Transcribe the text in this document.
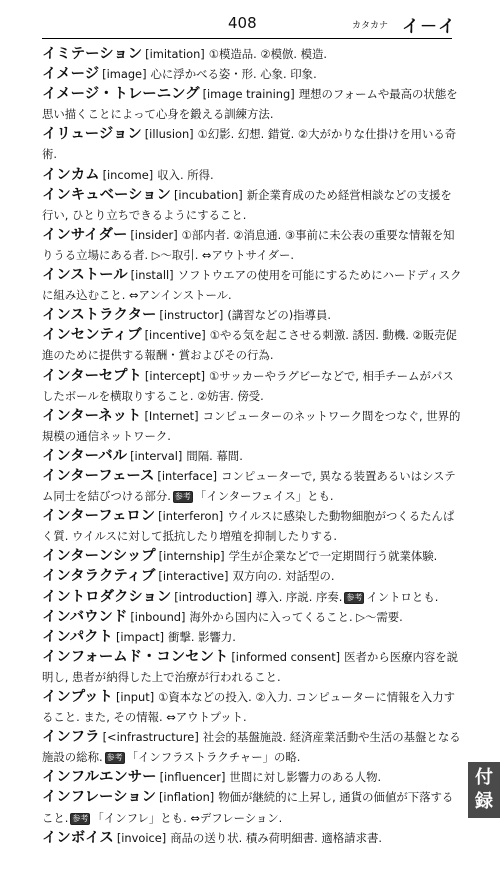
408	カタカナ イ－イ

イミテーション [imitation] ①模造品. ②模倣. 模造.

イメージ [image] 心に浮かべる姿・形. 心象. 印象.

イメージ・トレーニング [image training] 理想のフォームや最高の状態を思い描くことによって心身を鍛える訓練方法.

イリュージョン [illusion] ①幻影. 幻想. 錯覚. ②大がかりな仕掛けを用いる奇術.

インカム [income] 収入. 所得.

インキュベーション [incubation] 新企業育成のため経営相談などの支援を行い, ひとり立ちできるようにすること.

インサイダー [insider] ①部内者. ②消息通. ③事前に未公表の重要な情報を知りうる立場にある者. ▷～取引. ⇔アウトサイダー.

インストール [install] ソフトウエアの使用を可能にするためにハードディスクに組み込むこと. ⇔アンインストール.

インストラクター [instructor] (講習などの)指導員.

インセンティブ [incentive] ①やる気を起こさせる刺激. 誘因. 動機. ②販売促進のために提供する報酬・賞およびその行為.

インターセプト [intercept] ①サッカーやラグビーなどで, 相手チームがパスしたボールを横取りすること. ②妨害. 傍受.

インターネット [Internet] コンピューターのネットワーク間をつなぐ, 世界的規模の通信ネットワーク.

インターバル [interval] 間隔. 幕間.

インターフェース [interface] コンピューターで, 異なる装置あるいはシステム同士を結びつける部分. 参考 「インターフェイス」とも.

インターフェロン [interferon] ウイルスに感染した動物細胞がつくるたんぱく質. ウイルスに対して抵抗したり増殖を抑制したりする.

インターンシップ [internship] 学生が企業などで一定期間行う就業体験.

インタラクティブ [interactive] 双方向の. 対話型の.

イントロダクション [introduction] 導入. 序説. 序奏. 参考 イントロとも.

インバウンド [inbound] 海外から国内に入ってくること. ▷～需要.

インパクト [impact] 衝撃. 影響力.

インフォームド・コンセント [informed consent] 医者から医療内容を説明し, 患者が納得した上で治療が行われること.

インプット [input] ①資本などの投入. ②入力. コンピューターに情報を入力すること. また, その情報. ⇔アウトプット.

インフラ [<infrastructure] 社会的基盤施設. 経済産業活動や生活の基盤となる施設の総称. 参考 「インフラストラクチャー」の略.

インフルエンサー [influencer] 世間に対し影響力のある人物.

インフレーション [inflation] 物価が継続的に上昇し, 通貨の価値が下落すること. 参考 「インフレ」とも. ⇔デフレーション.

インボイス [invoice] 商品の送り状. 積み荷明細書. 適格請求書.

付
録
